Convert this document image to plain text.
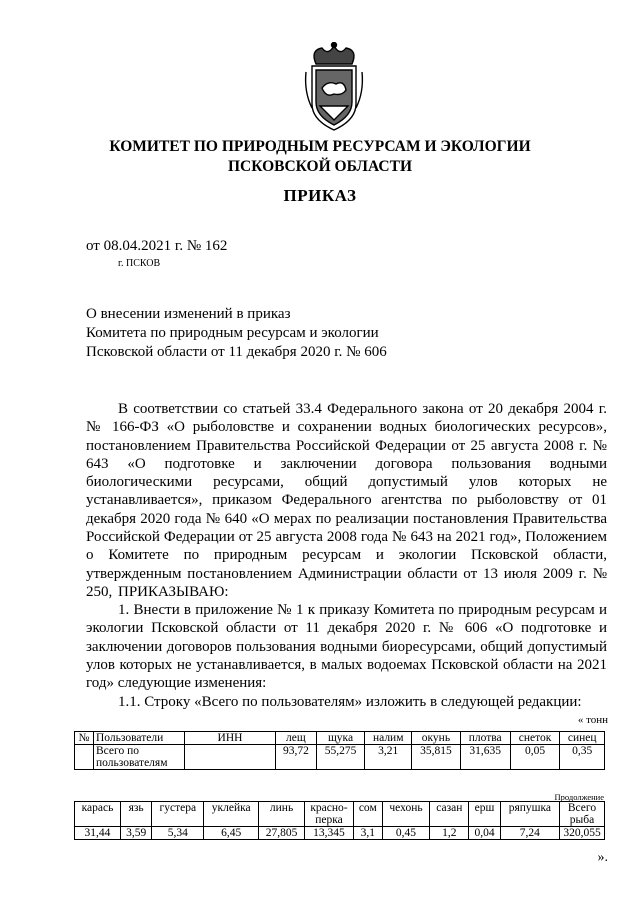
КОМИТЕТ ПО ПРИРОДНЫМ РЕСУРСАМ И ЭКОЛОГИИ
ПСКОВСКОЙ ОБЛАСТИ
ПРИКАЗ
от 08.04.2021 г. № 162
г. ПСКОВ
О внесении изменений в приказ
Комитета по природным ресурсам и экологии
Псковской области от 11 декабря 2020 г. № 606
В соответствии со статьей 33.4 Федерального закона от 20 декабря 2004 г. № 166-ФЗ «О рыболовстве и сохранении водных биологических ресурсов», постановлением Правительства Российской Федерации от 25 августа 2008 г. № 643 «О подготовке и заключении договора пользования водными биологическими ресурсами, общий допустимый улов которых не устанавливается», приказом Федерального агентства по рыболовству от 01 декабря 2020 года № 640 «О мерах по реализации постановления Правительства Российской Федерации от 25 августа 2008 года № 643 на 2021 год», Положением о Комитете по природным ресурсам и экологии Псковской области, утвержденным постановлением Администрации области от 13 июля 2009 г. № 250, ПРИКАЗЫВАЮ:
1. Внести в приложение № 1 к приказу Комитета по природным ресурсам и экологии Псковской области от 11 декабря 2020 г. № 606 «О подготовке и заключении договоров пользования водными биоресурсами, общий допустимый улов которых не устанавливается, в малых водоемах Псковской области на 2021 год» следующие изменения:
1.1. Строку «Всего по пользователям» изложить в следующей редакции:
« тонн
№	Пользователи	ИНН	лещ	щука	налим	окунь	плотва	снеток	синец
	Всего по пользователям		93,72	55,275	3,21	35,815	31,635	0,05	0,35
Продолжение
карась	язь	густера	уклейка	линь	красно-перка	сом	чехонь	сазан	ерш	ряпушка	Всего рыба
31,44	3,59	5,34	6,45	27,805	13,345	3,1	0,45	1,2	0,04	7,24	320,055
».
